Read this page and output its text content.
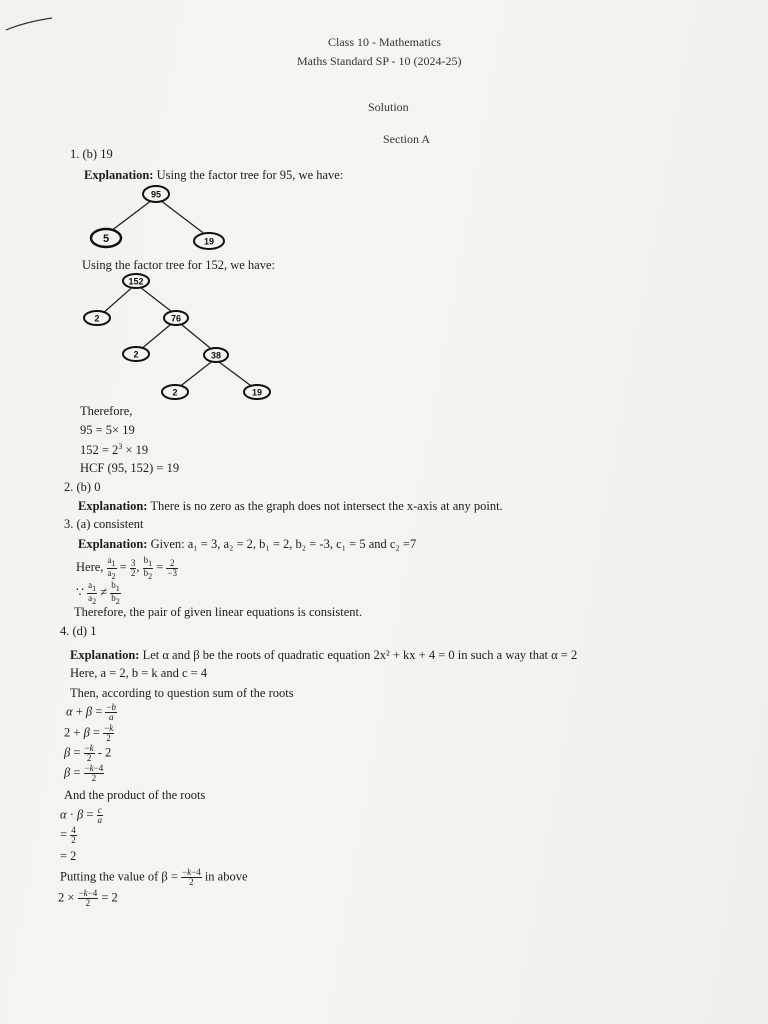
Class 10 - Mathematics
Maths Standard SP - 10 (2024-25)
Solution
Section A
1. (b) 19
Explanation: Using the factor tree for 95, we have:
95
5	19
Using the factor tree for 152, we have:
152
2	76
2	38
2	19
Therefore,
95 = 5× 19
$152 = 2^3 \times 19$
HCF (95, 152) = 19
2. (b) 0
Explanation: There is no zero as the graph does not intersect the x-axis at any point.
3. (a) consistent
Explanation: Given: a₁ = 3, a₂ = 2, b₁ = 2, b₂ = -3, c₁ = 5 and c₂ =7
Here, $\frac{a_1}{a_2} = \frac{3}{2}$ , $\frac{b_1}{b_2} = \frac{2}{-3}$
∵ $\frac{a_1}{a_2} \ne \frac{b_1}{b_2}$
Therefore, the pair of given linear equations is consistent.
4. (d) 1
Explanation: Let α and β be the roots of quadratic equation 2x² + kx + 4 = 0 in such a way that α = 2
Here, a = 2, b = k and c = 4
Then, according to question sum of the roots
$\alpha + \beta = \frac{-b}{a}$
$2 + \beta = \frac{-k}{2}$
$\beta = \frac{-k}{2} - 2$
$\beta = \frac{-k-4}{2}$
And the product of the roots
$\alpha \cdot \beta = \frac{c}{a}$
= $\frac{4}{2}$
= 2
Putting the value of $\beta = \frac{-k-4}{2}$ in above
$2 \times \frac{-k-4}{2} = 2$
